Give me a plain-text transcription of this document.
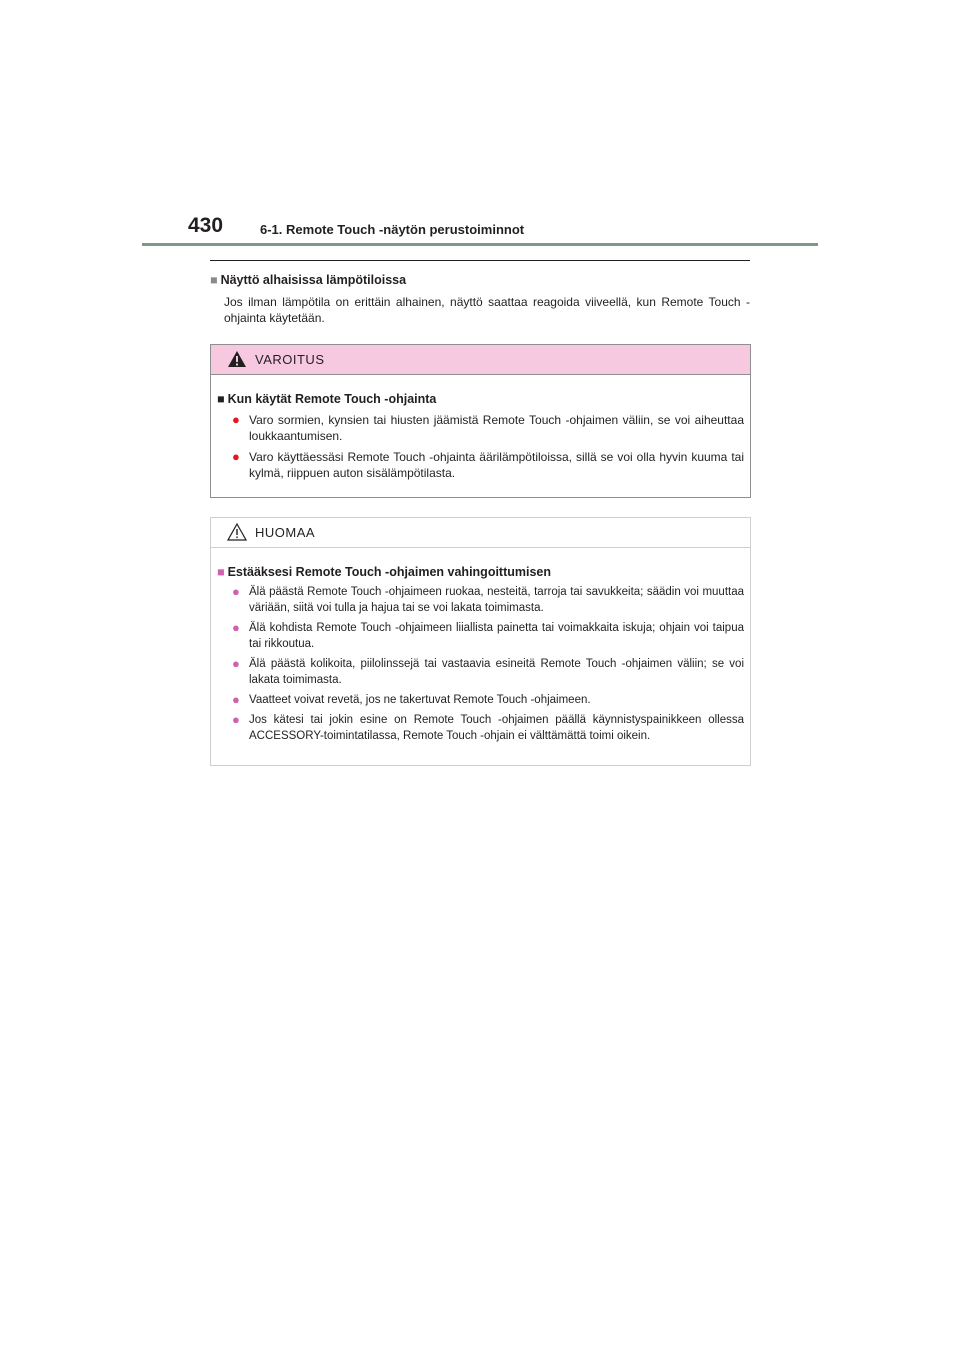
430	6-1. Remote Touch -näytön perustoiminnot
■ Näyttö alhaisissa lämpötiloissa
Jos ilman lämpötila on erittäin alhainen, näyttö saattaa reagoida viiveellä, kun Remote Touch -ohjainta käytetään.
VAROITUS
■ Kun käytät Remote Touch -ohjainta
● Varo sormien, kynsien tai hiusten jäämistä Remote Touch -ohjaimen väliin, se voi aiheuttaa loukkaantumisen.
● Varo käyttäessäsi Remote Touch -ohjainta äärilämpötiloissa, sillä se voi olla hyvin kuuma tai kylmä, riippuen auton sisälämpötilasta.
HUOMAA
■ Estääksesi Remote Touch -ohjaimen vahingoittumisen
● Älä päästä Remote Touch -ohjaimeen ruokaa, nesteitä, tarroja tai savukkeita; säädin voi muuttaa väriään, siitä voi tulla ja hajua tai se voi lakata toimimasta.
● Älä kohdista Remote Touch -ohjaimeen liiallista painetta tai voimakkaita iskuja; ohjain voi taipua tai rikkoutua.
● Älä päästä kolikoita, piilolinssejä tai vastaavia esineitä Remote Touch -ohjaimen väliin; se voi lakata toimimasta.
● Vaatteet voivat revetä, jos ne takertuvat Remote Touch -ohjaimeen.
● Jos kätesi tai jokin esine on Remote Touch -ohjaimen päällä käynnistyspainikkeen ollessa ACCESSORY-toimintatilassa, Remote Touch -ohjain ei välttämättä toimi oikein.
